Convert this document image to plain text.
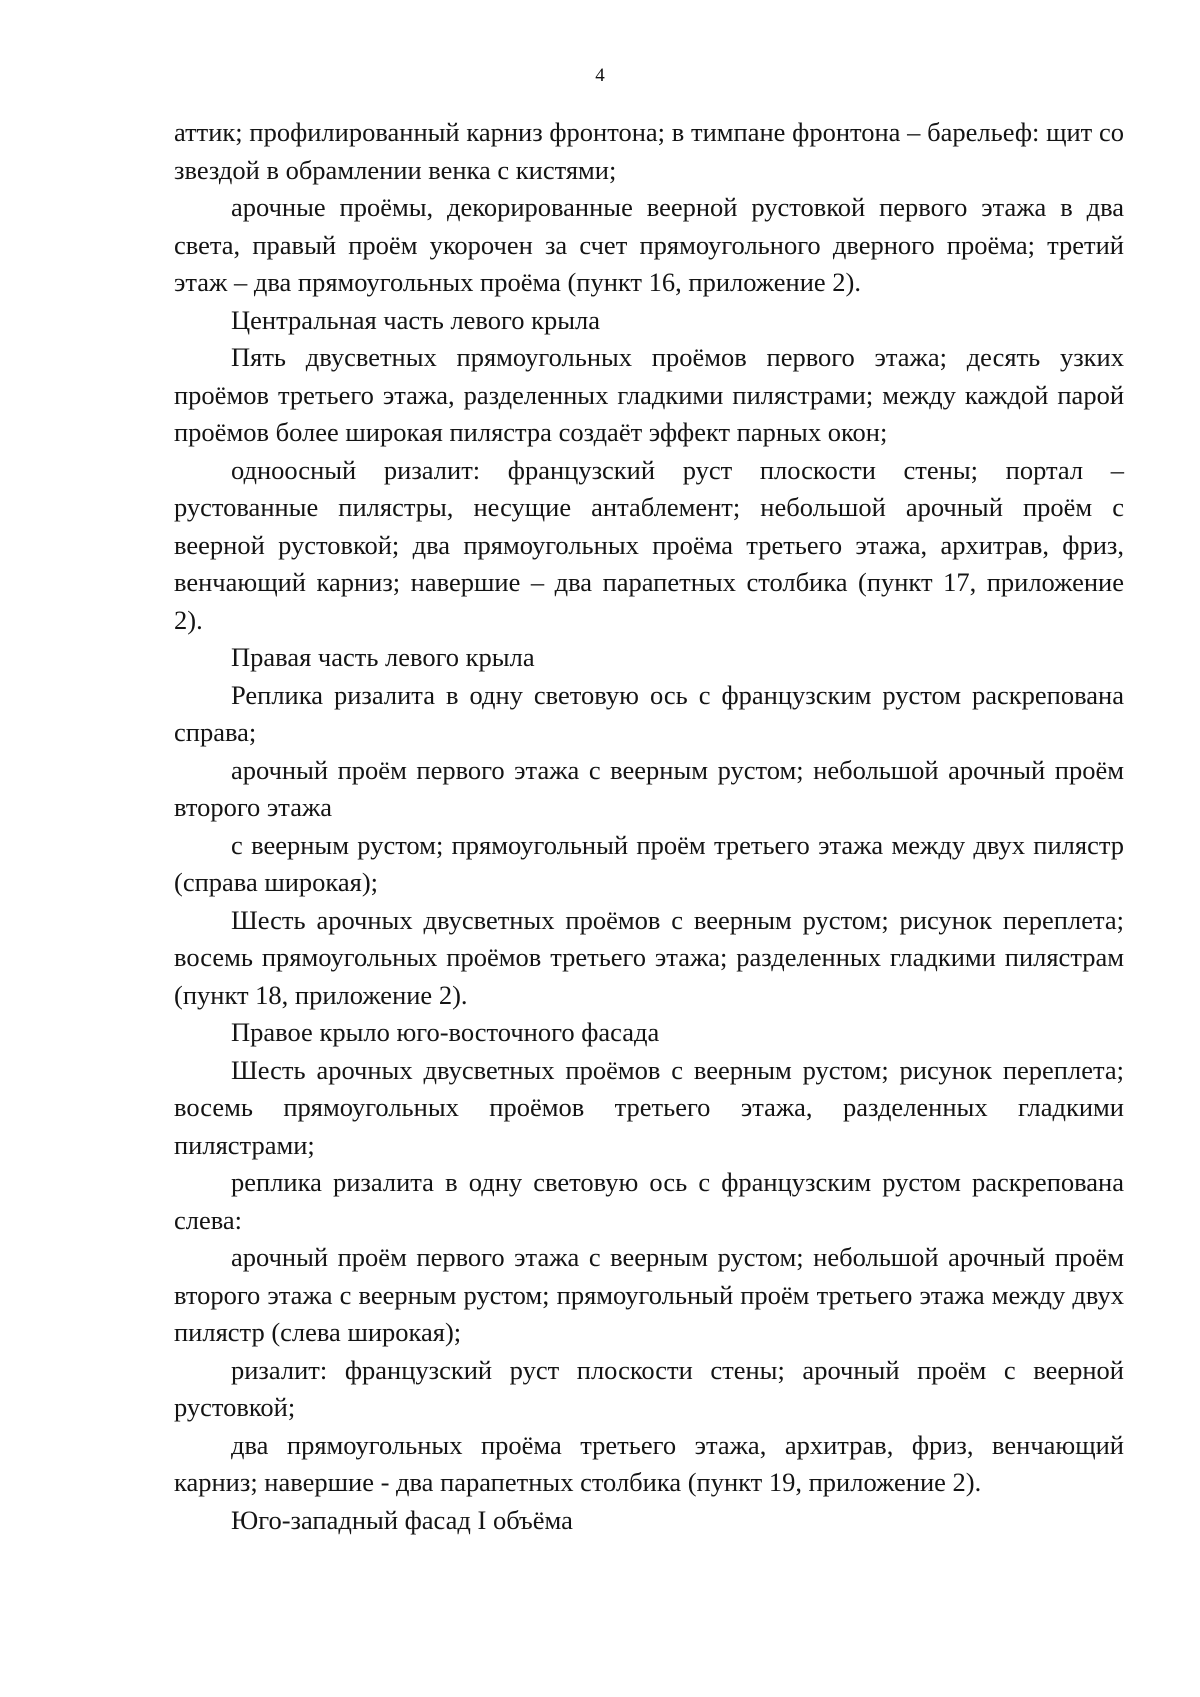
4

аттик; профилированный карниз фронтона; в тимпане фронтона – барельеф: щит со звездой в обрамлении венка с кистями;

арочные проёмы, декорированные веерной рустовкой первого этажа в два света, правый проём укорочен за счет прямоугольного дверного проёма; третий этаж – два прямоугольных проёма (пункт 16, приложение 2).

Центральная часть левого крыла

Пять двусветных прямоугольных проёмов первого этажа; десять узких проёмов третьего этажа, разделенных гладкими пилястрами; между каждой парой проёмов более широкая пилястра создаёт эффект парных окон;

одноосный ризалит: французский руст плоскости стены; портал – рустованные пилястры, несущие антаблемент; небольшой арочный проём с веерной рустовкой; два прямоугольных проёма третьего этажа, архитрав, фриз, венчающий карниз; навершие – два парапетных столбика (пункт 17, приложение 2).

Правая часть левого крыла

Реплика ризалита в одну световую ось с французским рустом раскрепована справа;

арочный проём первого этажа с веерным рустом; небольшой арочный проём второго этажа

с веерным рустом; прямоугольный проём третьего этажа между двух пилястр (справа широкая);

Шесть арочных двусветных проёмов с веерным рустом; рисунок переплета; восемь прямоугольных проёмов третьего этажа; разделенных гладкими пилястрам (пункт 18, приложение 2).

Правое крыло юго-восточного фасада

Шесть арочных двусветных проёмов с веерным рустом; рисунок переплета; восемь прямоугольных проёмов третьего этажа, разделенных гладкими пилястрами;

реплика ризалита в одну световую ось с французским рустом раскрепована слева:

арочный проём первого этажа с веерным рустом; небольшой арочный проём второго этажа с веерным рустом; прямоугольный проём третьего этажа между двух пилястр (слева широкая);

ризалит: французский руст плоскости стены; арочный проём с веерной рустовкой;

два прямоугольных проёма третьего этажа, архитрав, фриз, венчающий карниз; навершие - два парапетных столбика (пункт 19, приложение 2).

Юго-западный фасад I объёма
